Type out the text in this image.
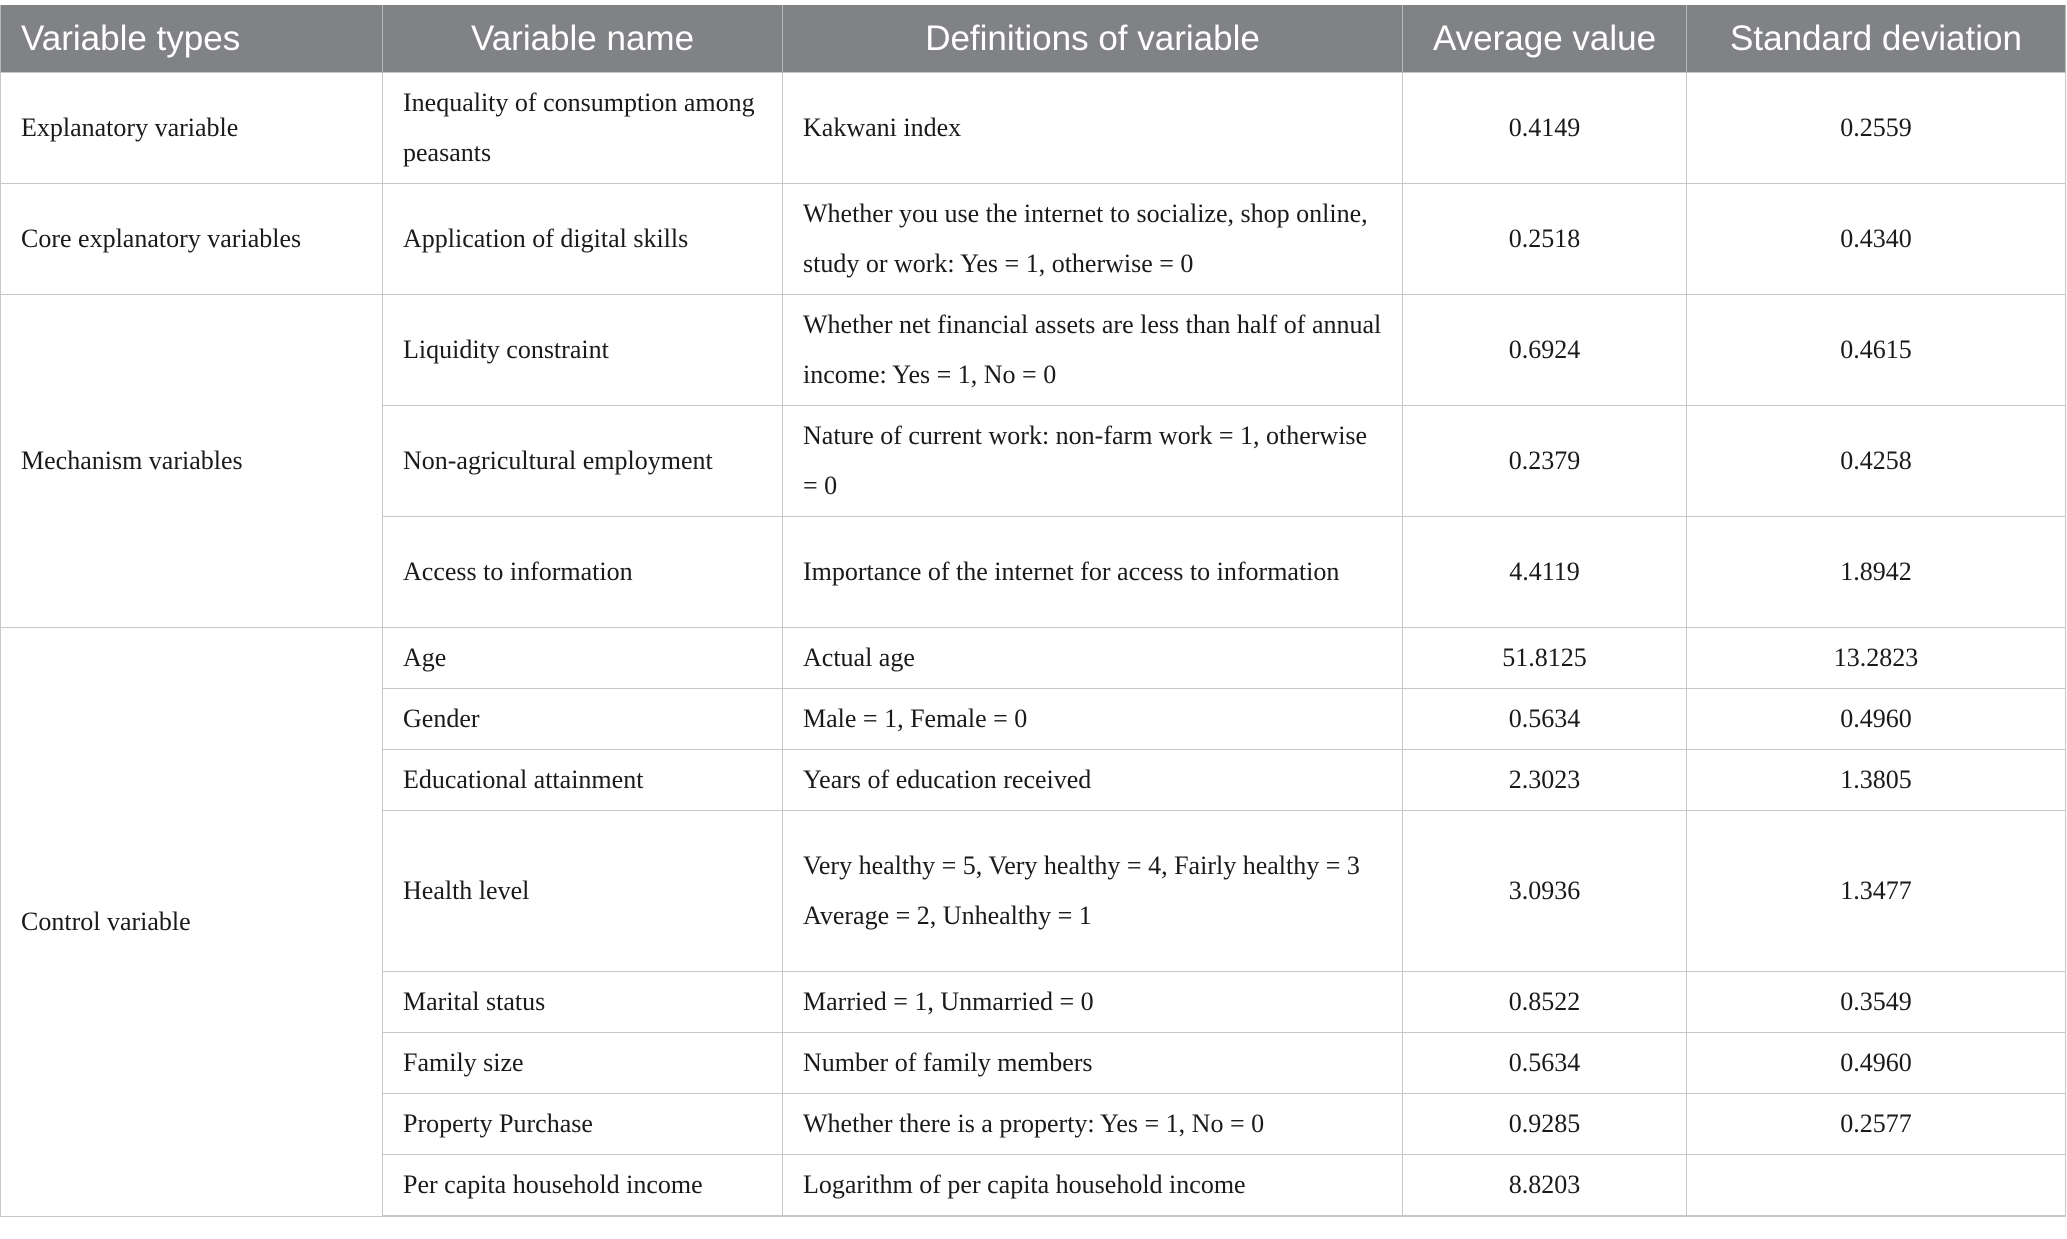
Variable types	Variable name	Definitions of variable	Average value	Standard deviation
Explanatory variable	Inequality of consumption among peasants	Kakwani index	0.4149	0.2559
Core explanatory variables	Application of digital skills	Whether you use the internet to socialize, shop online, study or work: Yes = 1, otherwise = 0	0.2518	0.4340
Mechanism variables	Liquidity constraint	Whether net financial assets are less than half of annual income: Yes = 1, No = 0	0.6924	0.4615
	Non-agricultural employment	Nature of current work: non-farm work = 1, otherwise = 0	0.2379	0.4258
	Access to information	Importance of the internet for access to information	4.4119	1.8942
Control variable	Age	Actual age	51.8125	13.2823
	Gender	Male = 1, Female = 0	0.5634	0.4960
	Educational attainment	Years of education received	2.3023	1.3805
	Health level	Very healthy = 5, Very healthy = 4, Fairly healthy = 3 Average = 2, Unhealthy = 1	3.0936	1.3477
	Marital status	Married = 1, Unmarried = 0	0.8522	0.3549
	Family size	Number of family members	0.5634	0.4960
	Property Purchase	Whether there is a property: Yes = 1, No = 0	0.9285	0.2577
	Per capita household income	Logarithm of per capita household income	8.8203	
